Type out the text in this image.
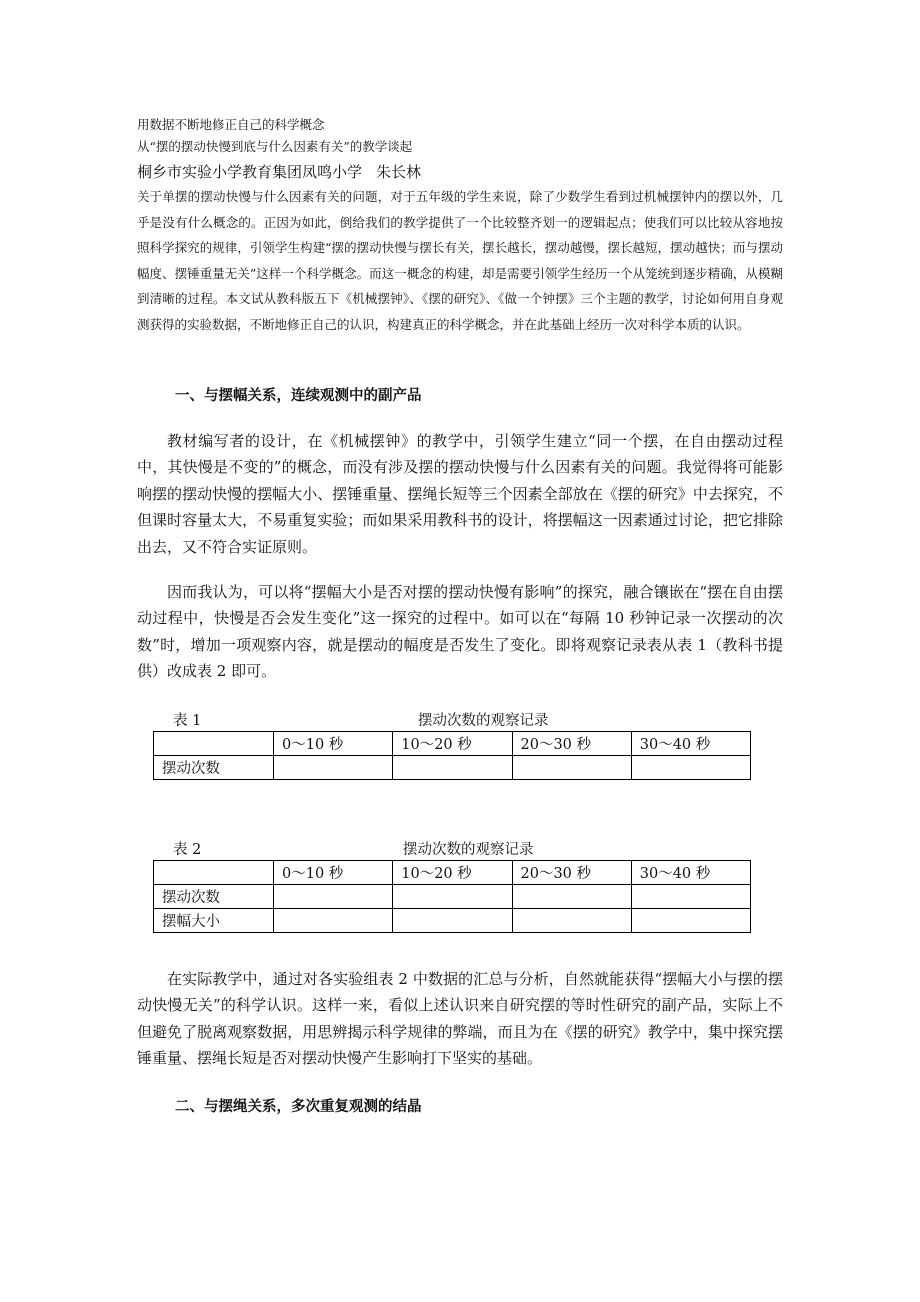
用数据不断地修正自己的科学概念
从“摆的摆动快慢到底与什么因素有关”的教学谈起
桐乡市实验小学教育集团凤鸣小学 朱长林
关于单摆的摆动快慢与什么因素有关的问题，对于五年级的学生来说，除了少数学生看到过机械摆钟内的摆以外，几乎是没有什么概念的。正因为如此，倒给我们的教学提供了一个比较整齐划一的逻辑起点；使我们可以比较从容地按照科学探究的规律，引领学生构建“摆的摆动快慢与摆长有关，摆长越长，摆动越慢，摆长越短，摆动越快；而与摆动幅度、摆锤重量无关”这样一个科学概念。而这一概念的构建，却是需要引领学生经历一个从笼统到逐步精确，从模糊到清晰的过程。本文试从教科版五下《机械摆钟》、《摆的研究》、《做一个钟摆》三个主题的教学，讨论如何用自身观测获得的实验数据，不断地修正自己的认识，构建真正的科学概念，并在此基础上经历一次对科学本质的认识。
一、与摆幅关系，连续观测中的副产品
教材编写者的设计，在《机械摆钟》的教学中，引领学生建立“同一个摆，在自由摆动过程中，其快慢是不变的”的概念，而没有涉及摆的摆动快慢与什么因素有关的问题。我觉得将可能影响摆的摆动快慢的摆幅大小、摆锤重量、摆绳长短等三个因素全部放在《摆的研究》中去探究，不但课时容量太大，不易重复实验；而如果采用教科书的设计，将摆幅这一因素通过讨论，把它排除出去，又不符合实证原则。
因而我认为，可以将“摆幅大小是否对摆的摆动快慢有影响”的探究，融合镶嵌在“摆在自由摆动过程中，快慢是否会发生变化”这一探究的过程中。如可以在“每隔 10 秒钟记录一次摆动的次数”时，增加一项观察内容，就是摆动的幅度是否发生了变化。即将观察记录表从表 1（教科书提供）改成表 2 即可。
表 1	摆动次数的观察记录
	0～10 秒	10～20 秒	20～30 秒	30～40 秒
摆动次数				
表 2	摆动次数的观察记录
	0～10 秒	10～20 秒	20～30 秒	30～40 秒
摆动次数				
摆幅大小				
在实际教学中，通过对各实验组表 2 中数据的汇总与分析，自然就能获得“摆幅大小与摆的摆动快慢无关”的科学认识。这样一来，看似上述认识来自研究摆的等时性研究的副产品，实际上不但避免了脱离观察数据，用思辨揭示科学规律的弊端，而且为在《摆的研究》教学中，集中探究摆锤重量、摆绳长短是否对摆动快慢产生影响打下坚实的基础。
二、与摆绳关系，多次重复观测的结晶
